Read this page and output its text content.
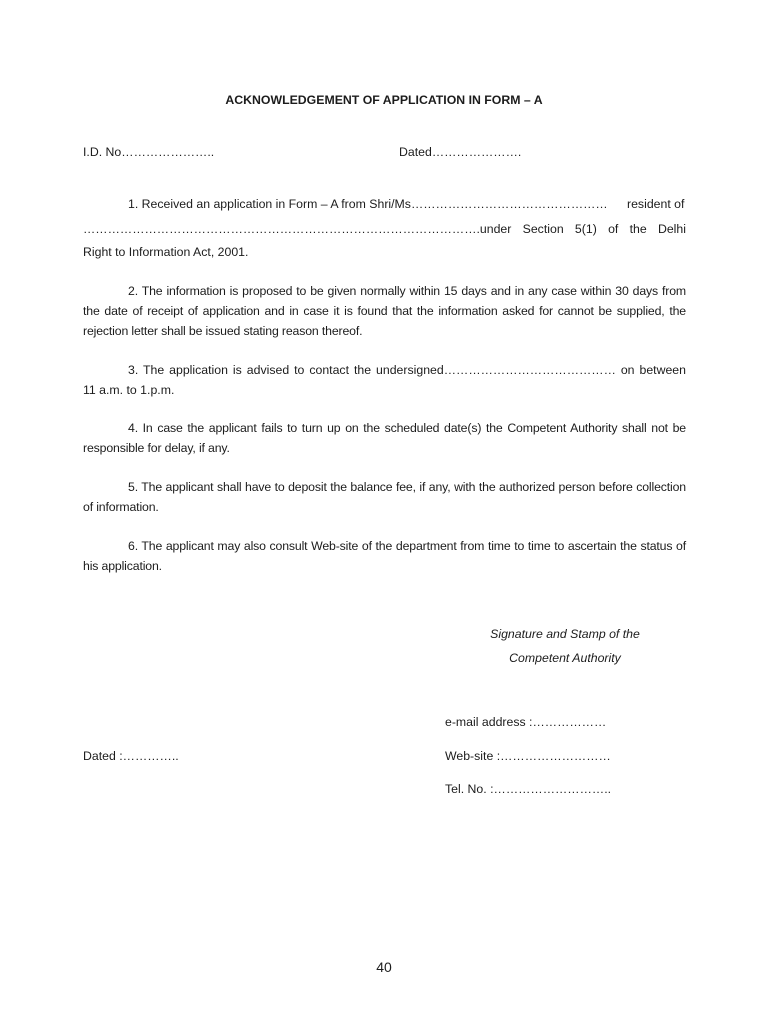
ACKNOWLEDGEMENT OF APPLICATION IN FORM – A
I.D. No…………………..	Dated………………….
1. Received an application in Form – A from Shri/Ms………………………………………… resident of
…………………………………………………………………………………….under Section 5(1) of the Delhi
Right to Information Act, 2001.
2. The information is proposed to be given normally within 15 days and in any case within 30 days from the date of receipt of application and in case it is found that the information asked for cannot be supplied, the rejection letter shall be issued stating reason thereof.
3. The application is advised to contact the undersigned…………………………………… on between 11 a.m. to 1.p.m.
4. In case the applicant fails to turn up on the scheduled date(s) the Competent Authority shall not be responsible for delay, if any.
5. The applicant shall have to deposit the balance fee, if any, with the authorized person before collection of information.
6. The applicant may also consult Web-site of the department from time to time to ascertain the status of his application.
Signature and Stamp of the
Competent Authority
e-mail address :………………
Dated :…………..	Web-site :………………………
Tel. No. :………………………..
40
